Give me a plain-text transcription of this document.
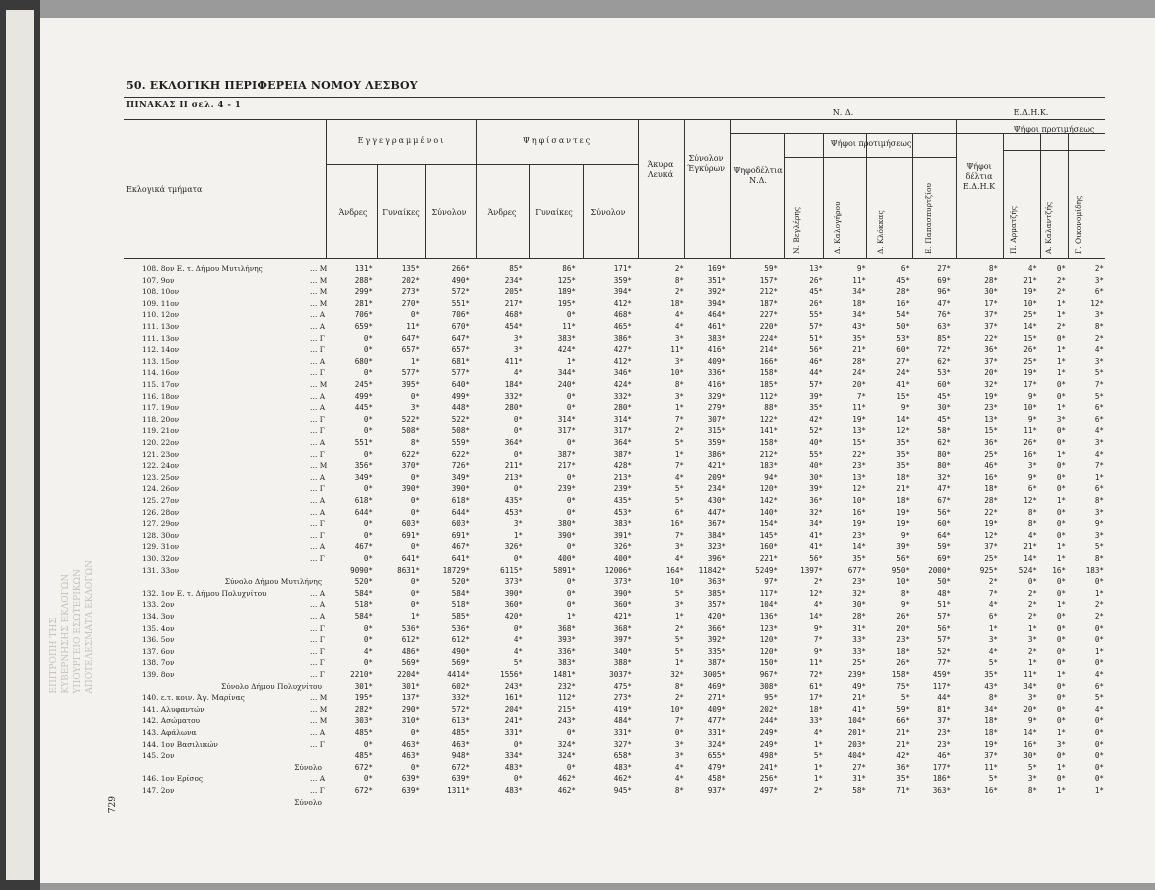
ΕΠΙΤΡΟΠΗ ΤΗΣ ΚΥΒΕΡΝΗΣΗΣ ΕΚΛΟΓΩΝ ΥΠΟΥΡΓΕΙΟ ΕΣΩΤΕΡΙΚΩΝ ΑΠΟΤΕΛΕΣΜΑΤΑ ΕΚΛΟΓΩΝ
50. ΕΚΛΟΓΙΚΗ ΠΕΡΙΦΕΡΕΙΑ ΝΟΜΟΥ ΛΕΣΒΟΥ
ΠΙΝΑΚΑΣ ΙΙ σελ. 4 - 1
Εκλογικά τμήματα
Εγγεγραμμένοι	Ψηφίσαντες
Άκυρα Λευκά
Σύνολον Έγκύρων
Ν. Δ.	Ε.Δ.Η.Κ.
Ψηφοδέλτια Ν.Δ.
Ψήφοι προτιμήσεως
Ψήφοι δέλτια Ε.Δ.Η.Κ
Ψήφοι προτιμήσεως
Άνδρες	Γυναίκες	Σύνολον	Άνδρες	Γυναίκες	Σύνολον	Ν. Βεγλέρης	Δ. Καλογήρου	Δ. Κλόκκας	Ε. Παπασπυρτζίου	Π. Αρματζής	Α. Καλαντζής	Γ. Οικονομίδης
108. 8ον Ε. τ. Δήμου Μυτιλήνης	… Μ	131*	135*	266*	85*	86*	171*	2*	169*	59*	13*	9*	6*	27*	8*	4*	0*	2*
107. 9ον	… Μ	288*	202*	490*	234*	125*	359*	8*	351*	157*	26*	11*	45*	69*	28*	21*	2*	3*
108. 10ον	… Μ	299*	273*	572*	205*	189*	394*	2*	392*	212*	45*	34*	28*	96*	30*	19*	2*	6*
109. 11ον	… Μ	281*	270*	551*	217*	195*	412*	18*	394*	187*	26*	18*	16*	47*	17*	10*	1*	12*
110. 12ον	… Α	706*	0*	706*	468*	0*	468*	4*	464*	227*	55*	34*	54*	76*	37*	25*	1*	3*
111. 13ον	… Α	659*	11*	670*	454*	11*	465*	4*	461*	220*	57*	43*	50*	63*	37*	14*	2*	8*
111. 13ον	… Γ	0*	647*	647*	3*	383*	386*	3*	383*	224*	51*	35*	53*	85*	22*	15*	0*	2*
112. 14ον	… Γ	0*	657*	657*	3*	424*	427*	11*	416*	214*	56*	21*	60*	72*	36*	26*	1*	4*
113. 15ον	… Α	680*	1*	681*	411*	1*	412*	3*	409*	166*	46*	28*	27*	62*	37*	25*	1*	3*
114. 16ον	… Γ	0*	577*	577*	4*	344*	346*	10*	336*	158*	44*	24*	24*	53*	20*	19*	1*	5*
115. 17ον	… Μ	245*	395*	640*	184*	240*	424*	8*	416*	185*	57*	20*	41*	60*	32*	17*	0*	7*
116. 18ον	… Α	499*	0*	499*	332*	0*	332*	3*	329*	112*	39*	7*	15*	45*	19*	9*	0*	5*
117. 19ον	… Α	445*	3*	448*	280*	0*	280*	1*	279*	88*	35*	11*	9*	30*	23*	10*	1*	6*
118. 20ον	… Γ	0*	522*	522*	0*	314*	314*	7*	307*	122*	42*	19*	14*	45*	13*	9*	3*	6*
119. 21ον	… Γ	0*	508*	508*	0*	317*	317*	2*	315*	141*	52*	13*	12*	58*	15*	11*	0*	4*
120. 22ον	… Α	551*	8*	559*	364*	0*	364*	5*	359*	158*	40*	15*	35*	62*	36*	26*	0*	3*
121. 23ον	… Γ	0*	622*	622*	0*	387*	387*	1*	386*	212*	55*	22*	35*	80*	25*	16*	1*	4*
122. 24ον	… Μ	356*	370*	726*	211*	217*	428*	7*	421*	183*	40*	23*	35*	80*	46*	3*	0*	7*
123. 25ον	… Α	349*	0*	349*	213*	0*	213*	4*	209*	94*	30*	13*	18*	32*	16*	9*	0*	1*
124. 26ον	… Γ	0*	390*	390*	0*	239*	239*	5*	234*	120*	39*	12*	21*	47*	18*	6*	0*	6*
125. 27ον	… Α	618*	0*	618*	435*	0*	435*	5*	430*	142*	36*	10*	18*	67*	28*	12*	1*	8*
126. 28ον	… Α	644*	0*	644*	453*	0*	453*	6*	447*	140*	32*	16*	19*	56*	22*	8*	0*	3*
127. 29ον	… Γ	0*	603*	603*	3*	380*	383*	16*	367*	154*	34*	19*	19*	60*	19*	8*	0*	9*
128. 30ον	… Γ	0*	691*	691*	1*	390*	391*	7*	384*	145*	41*	23*	9*	64*	12*	4*	0*	3*
129. 31ον	… Α	467*	0*	467*	326*	0*	326*	3*	323*	160*	41*	14*	39*	59*	37*	21*	1*	5*
130. 32ον	… Γ	0*	641*	641*	0*	400*	400*	4*	396*	221*	56*	35*	56*	69*	25*	14*	1*	8*
131. 33ον	9090*	8631*	18729*	6115*	5891*	12006*	164*	11842*	5249*	1397*	677*	950*	2000*	925*	524*	16*	183*
Σύνολο Δήμου Μυτιλήνης	520*	0*	520*	373*	0*	373*	10*	363*	97*	2*	23*	10*	50*	2*	0*	0*	0*
132. 1ον Ε. τ. Δήμου Πολυχνίτου	… Α	584*	0*	584*	390*	0*	390*	5*	385*	117*	12*	32*	8*	48*	7*	2*	0*	1*
133. 2ον	… Α	518*	0*	518*	360*	0*	360*	3*	357*	104*	4*	30*	9*	51*	4*	2*	1*	2*
134. 3ον	… Α	584*	1*	585*	420*	1*	421*	1*	420*	136*	14*	28*	26*	57*	6*	2*	0*	2*
135. 4ον	… Γ	0*	536*	536*	0*	368*	368*	2*	366*	123*	9*	31*	20*	56*	1*	1*	0*	0*
136. 5ον	… Γ	0*	612*	612*	4*	393*	397*	5*	392*	120*	7*	33*	23*	57*	3*	3*	0*	0*
137. 6ον	… Γ	4*	486*	490*	4*	336*	340*	5*	335*	120*	9*	33*	18*	52*	4*	2*	0*	1*
138. 7ον	… Γ	0*	569*	569*	5*	383*	388*	1*	387*	150*	11*	25*	26*	77*	5*	1*	0*	0*
139. 8ον	… Γ	2210*	2204*	4414*	1556*	1481*	3037*	32*	3005*	967*	72*	239*	158*	459*	35*	11*	1*	4*
Σύνολο Δήμου Πολυχνίτου	301*	301*	602*	243*	232*	475*	8*	469*	308*	61*	49*	75*	117*	43*	34*	0*	6*
140. ε.τ. κοιν. Άγ. Μαρίνας	… Μ	195*	137*	332*	161*	112*	273*	2*	271*	95*	17*	21*	5*	44*	8*	3*	0*	5*
141. Αλυφαντών	… Μ	282*	290*	572*	204*	215*	419*	10*	409*	202*	18*	41*	59*	81*	34*	20*	0*	4*
142. Ασώματου	… Μ	303*	310*	613*	241*	243*	484*	7*	477*	244*	33*	104*	66*	37*	18*	9*	0*	0*
143. Αφάλωνα	… Α	485*	0*	485*	331*	0*	331*	0*	331*	249*	4*	201*	21*	23*	18*	14*	1*	0*
144. 1ον Βασιλικών	… Γ	0*	463*	463*	0*	324*	327*	3*	324*	249*	1*	203*	21*	23*	19*	16*	3*	0*
145. 2ον	485*	463*	948*	334*	324*	658*	3*	655*	498*	5*	404*	42*	46*	37*	30*	0*	0*
Σύνολο	672*	0*	672*	483*	0*	483*	4*	479*	241*	1*	27*	36*	177*	11*	5*	1*	0*
146. 1ον Ερίσος	… Α	0*	639*	639*	0*	462*	462*	4*	458*	256*	1*	31*	35*	186*	5*	3*	0*	0*
147. 2ον	… Γ	672*	639*	1311*	483*	462*	945*	8*	937*	497*	2*	58*	71*	363*	16*	8*	1*	1*
Σύνολο
729
